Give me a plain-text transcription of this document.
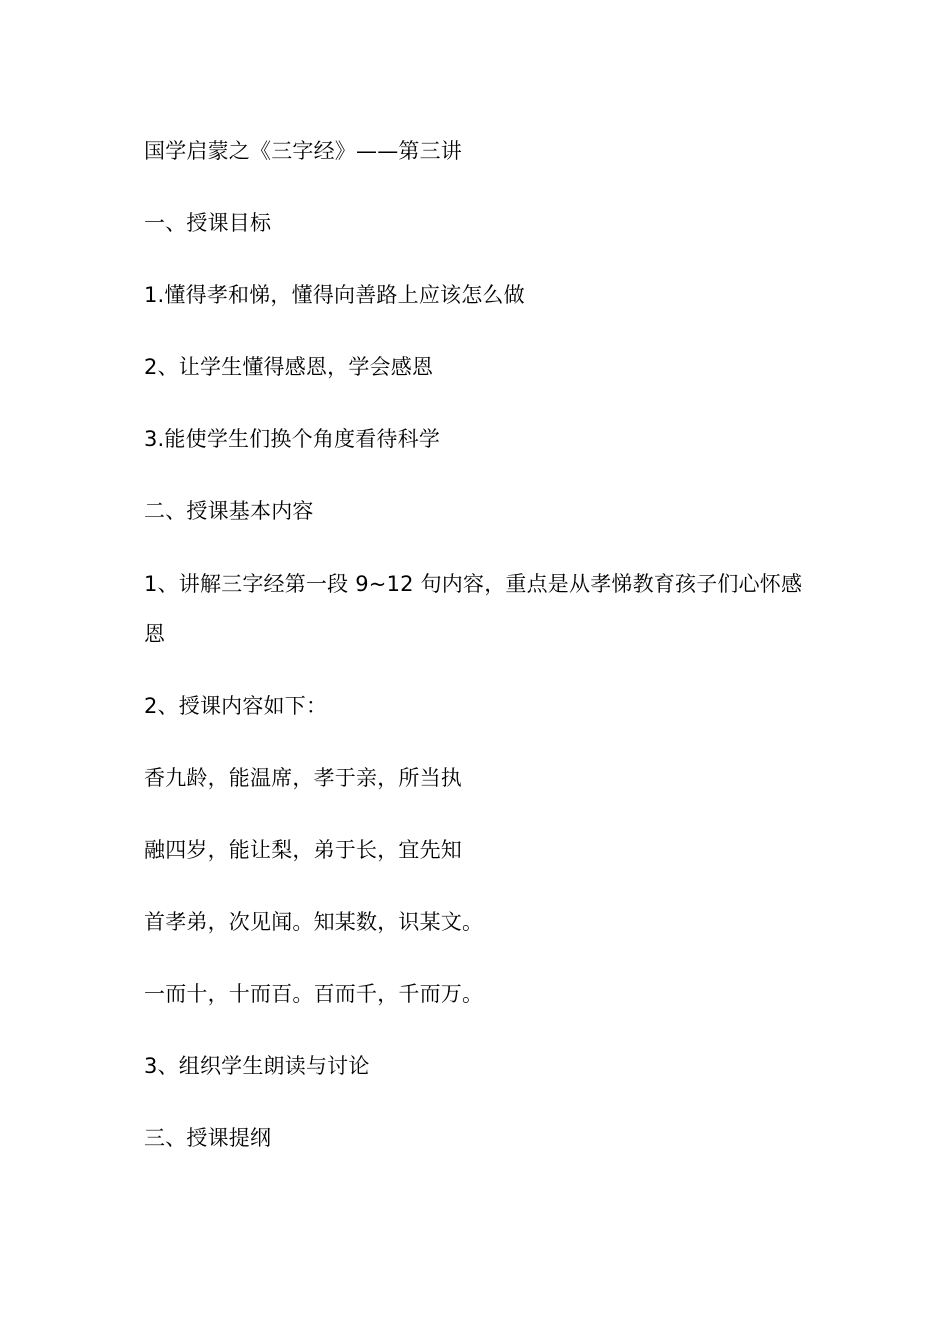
国学启蒙之《三字经》——第三讲
一、授课目标
1.懂得孝和悌，懂得向善路上应该怎么做
2、让学生懂得感恩，学会感恩
3.能使学生们换个角度看待科学
二、授课基本内容
1、讲解三字经第一段 9~12 句内容，重点是从孝悌教育孩子们心怀感
恩
2、授课内容如下：
香九龄，能温席，孝于亲，所当执
融四岁，能让梨，弟于长，宜先知
首孝弟，次见闻。知某数，识某文。
一而十，十而百。百而千，千而万。
3、组织学生朗读与讨论
三、授课提纲
